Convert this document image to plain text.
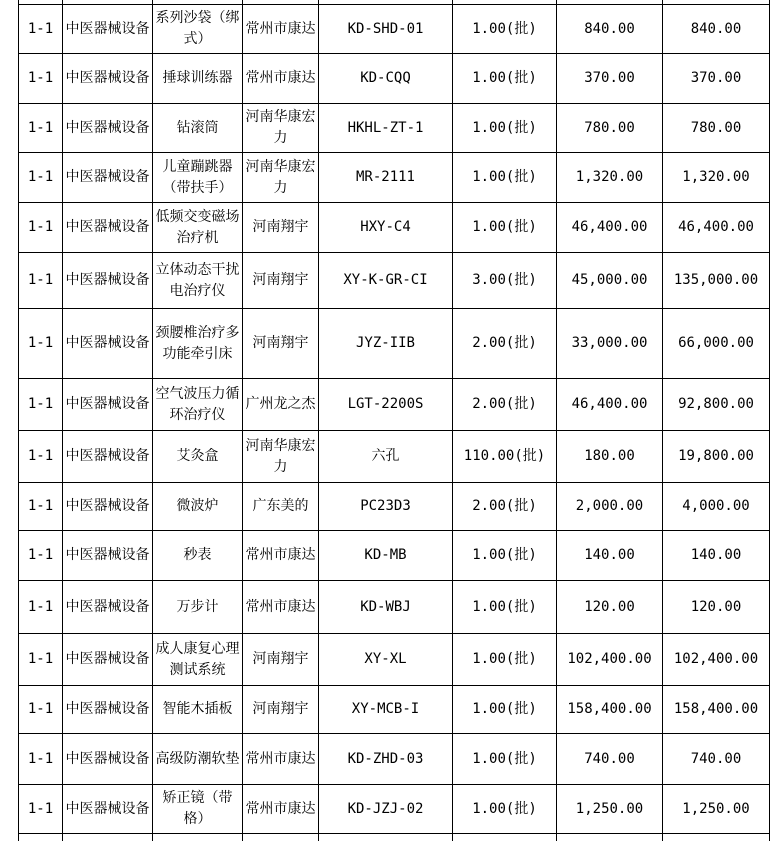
1-1	中医器械设备	系列沙袋（绑式）	常州市康达	KD-SHD-01	1.00(批)	840.00	840.00
1-1	中医器械设备	捶球训练器	常州市康达	KD-CQQ	1.00(批)	370.00	370.00
1-1	中医器械设备	钻滚筒	河南华康宏力	HKHL-ZT-1	1.00(批)	780.00	780.00
1-1	中医器械设备	儿童蹦跳器（带扶手）	河南华康宏力	MR-2111	1.00(批)	1,320.00	1,320.00
1-1	中医器械设备	低频交变磁场治疗机	河南翔宇	HXY-C4	1.00(批)	46,400.00	46,400.00
1-1	中医器械设备	立体动态干扰电治疗仪	河南翔宇	XY-K-GR-CI	3.00(批)	45,000.00	135,000.00
1-1	中医器械设备	颈腰椎治疗多功能牵引床	河南翔宇	JYZ-IIB	2.00(批)	33,000.00	66,000.00
1-1	中医器械设备	空气波压力循环治疗仪	广州龙之杰	LGT-2200S	2.00(批)	46,400.00	92,800.00
1-1	中医器械设备	艾灸盒	河南华康宏力	六孔	110.00(批)	180.00	19,800.00
1-1	中医器械设备	微波炉	广东美的	PC23D3	2.00(批)	2,000.00	4,000.00
1-1	中医器械设备	秒表	常州市康达	KD-MB	1.00(批)	140.00	140.00
1-1	中医器械设备	万步计	常州市康达	KD-WBJ	1.00(批)	120.00	120.00
1-1	中医器械设备	成人康复心理测试系统	河南翔宇	XY-XL	1.00(批)	102,400.00	102,400.00
1-1	中医器械设备	智能木插板	河南翔宇	XY-MCB-I	1.00(批)	158,400.00	158,400.00
1-1	中医器械设备	高级防潮软垫	常州市康达	KD-ZHD-03	1.00(批)	740.00	740.00
1-1	中医器械设备	矫正镜（带格）	常州市康达	KD-JZJ-02	1.00(批)	1,250.00	1,250.00
